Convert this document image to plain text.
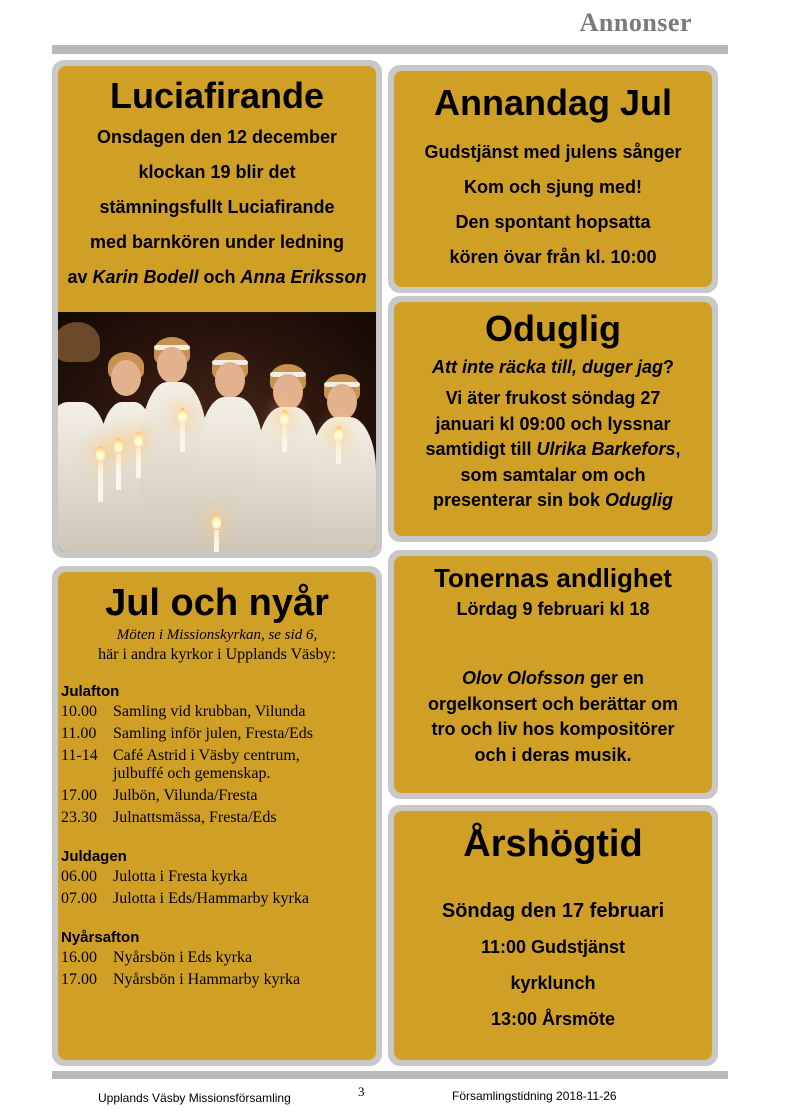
Annonser
Luciafirande

Onsdagen den 12 december

klockan 19 blir det

stämningsfullt Luciafirande

med barnkören under ledning

av Karin Bodell och Anna Eriksson

Annandag Jul

Gudstjänst med julens sånger

Kom och sjung med!

Den spontant hopsatta

kören övar från kl. 10:00

Oduglig

Att inte räcka till, duger jag?

Vi äter frukost söndag 27

januari kl 09:00 och lyssnar

samtidigt till Ulrika Barkefors,

som samtalar om och

presenterar sin bok Oduglig

Jul och nyår

Möten i Missionskyrkan, se sid 6,

här i andra kyrkor i Upplands Väsby:

Julafton
10.00 Samling vid krubban, Vilunda
11.00 Samling inför julen, Fresta/Eds
11-14 Café Astrid i Väsby centrum,
julbuffé och gemenskap.
17.00 Julbön, Vilunda/Fresta
23.30 Julnattsmässa, Fresta/Eds
Juldagen
06.00 Julotta i Fresta kyrka
07.00 Julotta i Eds/Hammarby kyrka
Nyårsafton
16.00 Nyårsbön i Eds kyrka
17.00 Nyårsbön i Hammarby kyrka
Tonernas andlighet

Lördag 9 februari kl 18

Olov Olofsson ger en

orgelkonsert och berättar om

tro och liv hos kompositörer

och i deras musik.

Årshögtid

Söndag den 17 februari

11:00 Gudstjänst

kyrklunch

13:00 Årsmöte

Upplands Väsby Missionsförsamling	3	Församlingstidning 2018-11-26
